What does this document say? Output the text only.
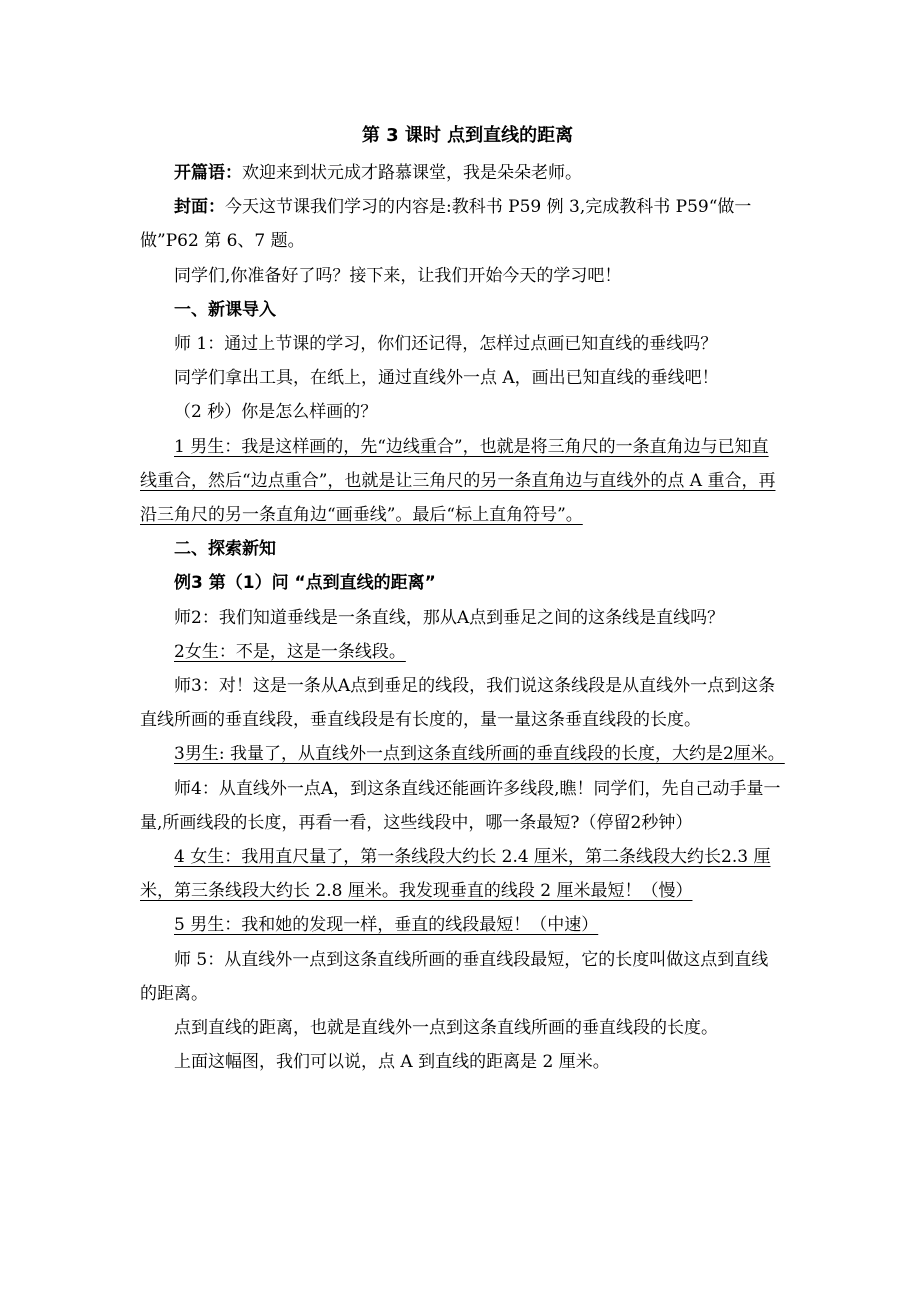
第 3 课时 点到直线的距离

开篇语：欢迎来到状元成才路慕课堂，我是朵朵老师。

封面：今天这节课我们学习的内容是:教科书 P59 例 3,完成教科书 P59“做一做”P62 第 6、7 题。

同学们,你准备好了吗？接下来，让我们开始今天的学习吧！

一、新课导入

师 1：通过上节课的学习，你们还记得，怎样过点画已知直线的垂线吗？

同学们拿出工具，在纸上，通过直线外一点 A，画出已知直线的垂线吧！

（2 秒）你是怎么样画的？

1 男生：我是这样画的，先“边线重合”，也就是将三角尺的一条直角边与已知直线重合，然后“边点重合”，也就是让三角尺的另一条直角边与直线外的点 A 重合，再沿三角尺的另一条直角边“画垂线”。最后“标上直角符号”。

二、探索新知

例3 第（1）问 “点到直线的距离”

师2：我们知道垂线是一条直线，那从A点到垂足之间的这条线是直线吗？

2女生：不是，这是一条线段。

师3：对！这是一条从A点到垂足的线段，我们说这条线段是从直线外一点到这条直线所画的垂直线段，垂直线段是有长度的，量一量这条垂直线段的长度。

3男生: 我量了，从直线外一点到这条直线所画的垂直线段的长度，大约是2厘米。

师4：从直线外一点A，到这条直线还能画许多线段,瞧！同学们，先自己动手量一量,所画线段的长度，再看一看，这些线段中，哪一条最短?（停留2秒钟）

4 女生：我用直尺量了，第一条线段大约长 2.4 厘米，第二条线段大约长2.3 厘米，第三条线段大约长 2.8 厘米。我发现垂直的线段 2 厘米最短！（慢）

5 男生：我和她的发现一样，垂直的线段最短！（中速）

师 5：从直线外一点到这条直线所画的垂直线段最短，它的长度叫做这点到直线的距离。

点到直线的距离，也就是直线外一点到这条直线所画的垂直线段的长度。

上面这幅图，我们可以说，点 A 到直线的距离是 2 厘米。
